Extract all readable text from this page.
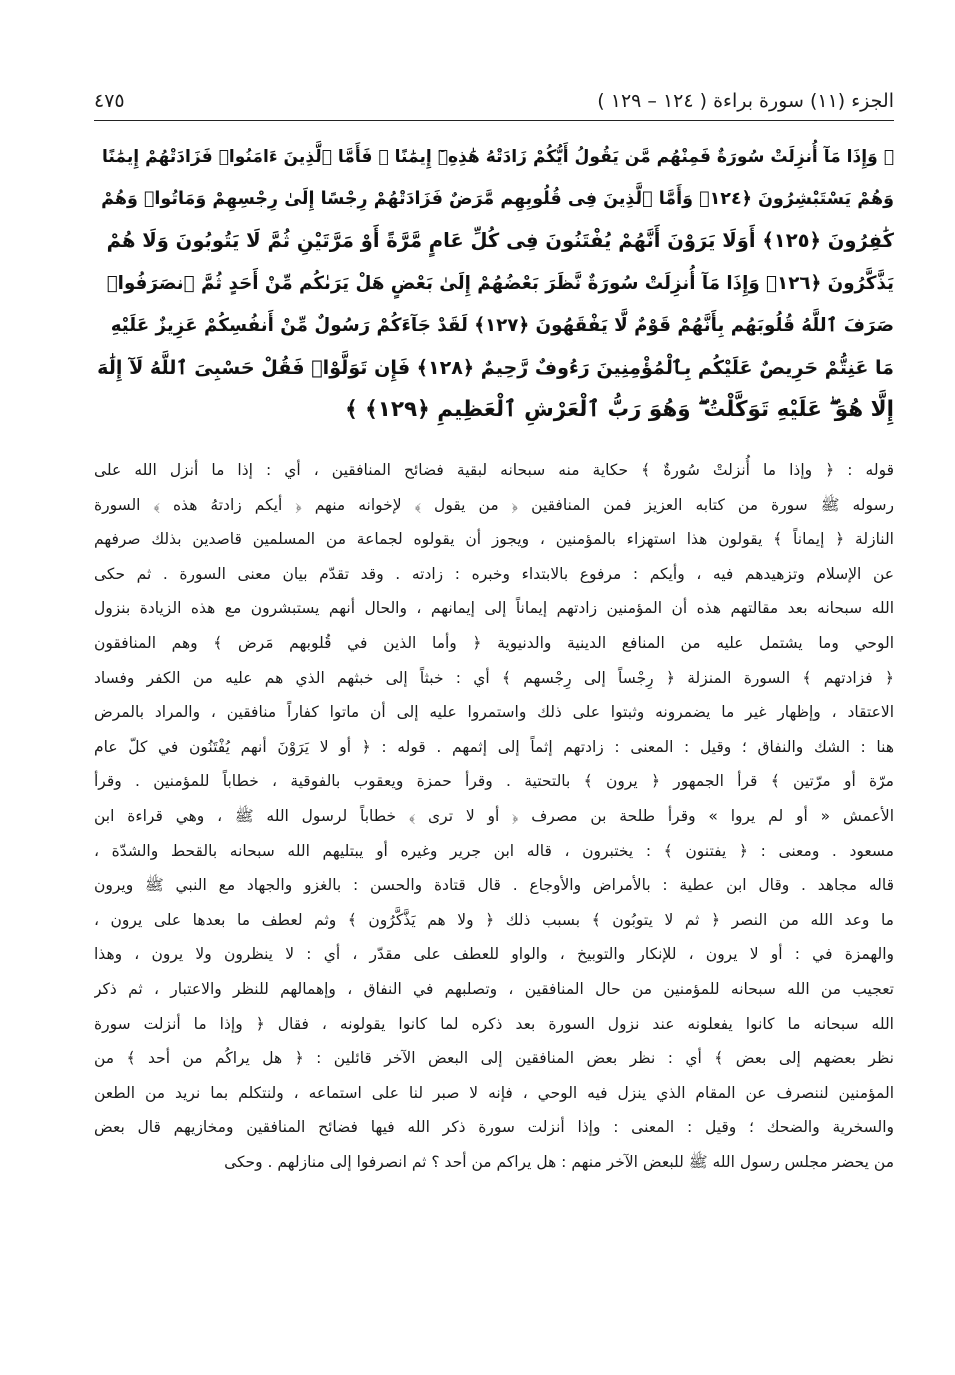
الجزء (١١) سورة براءة ( ١٢٤ – ١٢٩ )
٤٧٥

﴿ وَإِذَا مَآ أُنزِلَتْ سُورَةٌ فَمِنْهُم مَّن يَقُولُ أَيُّكُمْ زَادَتْهُ هَٰذِهِۦٓ إِيمَٰنًا ۚ فَأَمَّا ٱلَّذِينَ ءَامَنُوا۟ فَزَادَتْهُمْ إِيمَٰنًا

وَهُمْ يَسْتَبْشِرُونَ ﴿١٢٤﴾ وَأَمَّا ٱلَّذِينَ فِى قُلُوبِهِم مَّرَضٌ فَزَادَتْهُمْ رِجْسًا إِلَىٰ رِجْسِهِمْ وَمَاتُوا۟ وَهُمْ

كَٰفِرُونَ ﴿١٢٥﴾ أَوَلَا يَرَوْنَ أَنَّهُمْ يُفْتَنُونَ فِى كُلِّ عَامٍ مَّرَّةً أَوْ مَرَّتَيْنِ ثُمَّ لَا يَتُوبُونَ وَلَا هُمْ

يَذَّكَّرُونَ ﴿١٢٦﴾ وَإِذَا مَآ أُنزِلَتْ سُورَةٌ نَّظَرَ بَعْضُهُمْ إِلَىٰ بَعْضٍ هَلْ يَرَىٰكُم مِّنْ أَحَدٍ ثُمَّ ٱنصَرَفُوا۟

صَرَفَ ٱللَّهُ قُلُوبَهُم بِأَنَّهُمْ قَوْمٌ لَّا يَفْقَهُونَ ﴿١٢٧﴾ لَقَدْ جَآءَكُمْ رَسُولٌ مِّنْ أَنفُسِكُمْ عَزِيزٌ عَلَيْهِ

مَا عَنِتُّمْ حَرِيصٌ عَلَيْكُم بِٱلْمُؤْمِنِينَ رَءُوفٌ رَّحِيمٌ ﴿١٢٨﴾ فَإِن تَوَلَّوْا۟ فَقُلْ حَسْبِىَ ٱللَّهُ لَآ إِلَٰهَ

إِلَّا هُوَ ۖ عَلَيْهِ تَوَكَّلْتُ ۖ وَهُوَ رَبُّ ٱلْعَرْشِ ٱلْعَظِيمِ ﴿١٢٩﴾ ﴾

قوله : ﴿ وإذا ما أُنزلتْ سُورةٌ ﴾ حكاية منه سبحانه لبقية فضائح المنافقين ، أي : إذا ما أنزل الله على
رسوله ﷺ سورة من كتابه العزيز فمن المنافقين ﴿ من يقول ﴾ لإخوانه منهم ﴿ أيكم زادتهُ هذه ﴾ السورة
النازلة ﴿ إيماناً ﴾ يقولون هذا استهزاء بالمؤمنين ، ويجوز أن يقولوه لجماعة من المسلمين قاصدين بذلك صرفهم
عن الإسلام وتزهيدهم فيه ، وأيكم : مرفوع بالابتداء وخبره : زادته . وقد تقدّم بيان معنى السورة . ثم حكى
الله سبحانه بعد مقالتهم هذه أن المؤمنين زادتهم إيماناً إلى إيمانهم ، والحال أنهم يستبشرون مع هذه الزيادة بنزول
الوحي وما يشتمل عليه من المنافع الدينية والدنيوية ﴿ وأما الذين في قُلوبهم مَرض ﴾ وهم المنافقون
﴿ فزادتهم ﴾ السورة المنزلة ﴿ رِجْساً إلى رِجْسهم ﴾ أي : خبثاً إلى خبثهم الذي هم عليه من الكفر وفساد
الاعتقاد ، وإظهار غير ما يضمرونه وثبتوا على ذلك واستمروا عليه إلى أن ماتوا كفاراً منافقين ، والمراد بالمرض
هنا : الشك والنفاق ؛ وقيل : المعنى : زادتهم إثماً إلى إثمهم . قوله : ﴿ أو لا يَرَوْنَ أنهم يُفْتَنُون في كلّ عام
مرّة أو مرّتين ﴾ قرأ الجمهور ﴿ يرون ﴾ بالتحتية . وقرأ حمزة ويعقوب بالفوقية ، خطاباً للمؤمنين . وقرأ
الأعمش « أو لم يروا » وقرأ طلحة بن مصرف ﴿ أو لا ترى ﴾ خطاباً لرسول الله ﷺ ، وهي قراءة ابن
مسعود . ومعنى : ﴿ يفتنون ﴾ : يختبرون ، قاله ابن جرير وغيره أو يبتليهم الله سبحانه بالقحط والشدّة ،
قاله مجاهد . وقال ابن عطية : بالأمراض والأوجاع . قال قتادة والحسن : بالغزو والجهاد مع النبي ﷺ ويرون
ما وعد الله من النصر ﴿ ثم لا يتوبُون ﴾ بسبب ذلك ﴿ ولا هم يَذَّكَّرُون ﴾ وثم لعطف ما بعدها على يرون ،
والهمزة في : أو لا يرون ، للإنكار والتوبيخ ، والواو للعطف على مقدّر ، أي : لا ينظرون ولا يرون ، وهذا
تعجيب من الله سبحانه للمؤمنين من حال المنافقين ، وتصلبهم في النفاق ، وإهمالهم للنظر والاعتبار ، ثم ذكر
الله سبحانه ما كانوا يفعلونه عند نزول السورة بعد ذكره لما كانوا يقولونه ، فقال ﴿ وإذا ما أنزلت سورة
نظر بعضهم إلى بعض ﴾ أي : نظر بعض المنافقين إلى البعض الآخر قائلين : ﴿ هل يراكُم من أحد ﴾ من
المؤمنين لننصرف عن المقام الذي ينزل فيه الوحي ، فإنه لا صبر لنا على استماعه ، ولنتكلم بما نريد من الطعن
والسخرية والضحك ؛ وقيل : المعنى : وإذا أنزلت سورة ذكر الله فيها فضائح المنافقين ومخازيهم قال بعض
من يحضر مجلس رسول الله ﷺ للبعض الآخر منهم : هل يراكم من أحد ؟ ثم انصرفوا إلى منازلهم . وحكى
